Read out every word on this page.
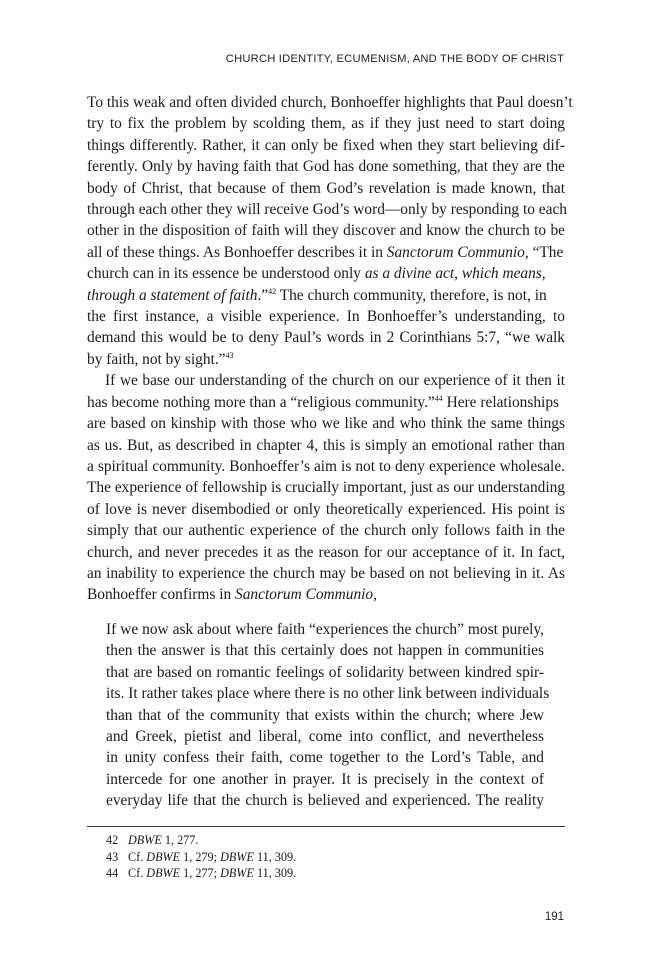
CHURCH IDENTITY, ECUMENISM, AND THE BODY OF CHRIST
To this weak and often divided church, Bonhoeffer highlights that Paul doesn’t
try to fix the problem by scolding them, as if they just need to start doing
things differently. Rather, it can only be fixed when they start believing dif-
ferently. Only by having faith that God has done something, that they are the
body of Christ, that because of them God’s revelation is made known, that
through each other they will receive God’s word—only by responding to each
other in the disposition of faith will they discover and know the church to be
all of these things. As Bonhoeffer describes it in Sanctorum Communio, “The
church can in its essence be understood only as a divine act, which means,
through a statement of faith.”$^{42}$ The church community, therefore, is not, in
the first instance, a visible experience. In Bonhoeffer’s understanding, to
demand this would be to deny Paul’s words in 2 Corinthians 5:7, “we walk
by faith, not by sight.”$^{43}$
If we base our understanding of the church on our experience of it then it
has become nothing more than a “religious community.”$^{44}$ Here relationships
are based on kinship with those who we like and who think the same things
as us. But, as described in chapter 4, this is simply an emotional rather than
a spiritual community. Bonhoeffer’s aim is not to deny experience wholesale.
The experience of fellowship is crucially important, just as our understanding
of love is never disembodied or only theoretically experienced. His point is
simply that our authentic experience of the church only follows faith in the
church, and never precedes it as the reason for our acceptance of it. In fact,
an inability to experience the church may be based on not believing in it. As
Bonhoeffer confirms in Sanctorum Communio,
If we now ask about where faith “experiences the church” most purely,
then the answer is that this certainly does not happen in communities
that are based on romantic feelings of solidarity between kindred spir-
its. It rather takes place where there is no other link between individuals
than that of the community that exists within the church; where Jew
and Greek, pietist and liberal, come into conflict, and nevertheless
in unity confess their faith, come together to the Lord’s Table, and
intercede for one another in prayer. It is precisely in the context of
everyday life that the church is believed and experienced. The reality
42 DBWE 1, 277.
43 Cf. DBWE 1, 279; DBWE 11, 309.
44 Cf. DBWE 1, 277; DBWE 11, 309.
191
